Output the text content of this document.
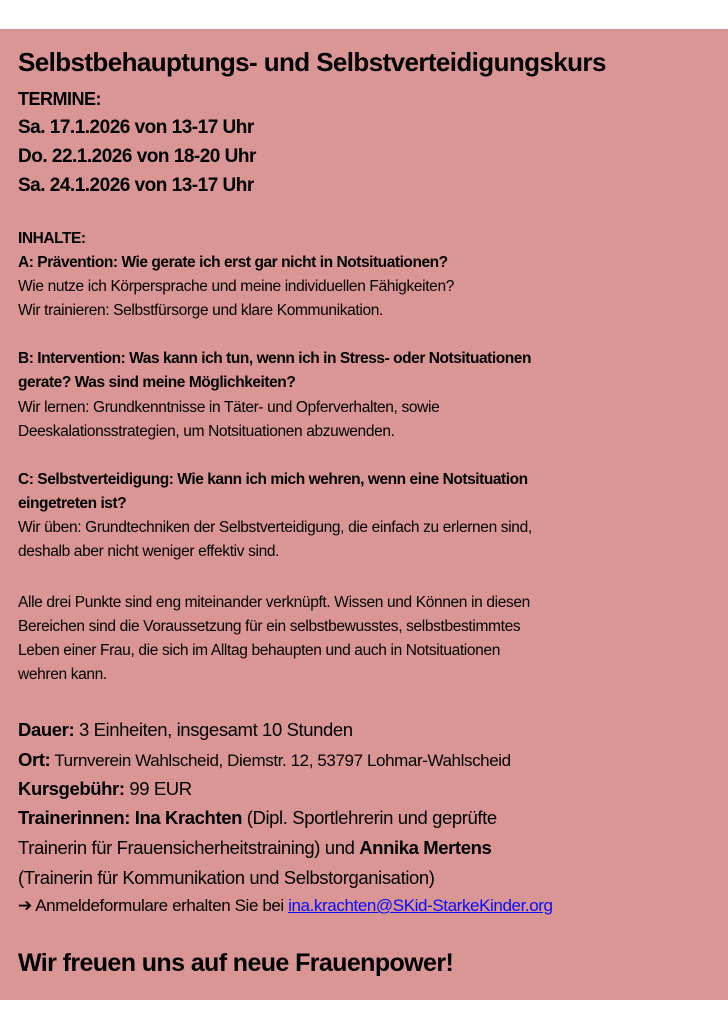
Selbstbehauptungs- und Selbstverteidigungskurs
TERMINE:
Sa. 17.1.2026 von 13-17 Uhr
Do. 22.1.2026 von 18-20 Uhr
Sa. 24.1.2026 von 13-17 Uhr
INHALTE:
A: Prävention: Wie gerate ich erst gar nicht in Notsituationen?
Wie nutze ich Körpersprache und meine individuellen Fähigkeiten?
Wir trainieren: Selbstfürsorge und klare Kommunikation.
B: Intervention: Was kann ich tun, wenn ich in Stress- oder Notsituationen
gerate? Was sind meine Möglichkeiten?
Wir lernen: Grundkenntnisse in Täter- und Opferverhalten, sowie
Deeskalationsstrategien, um Notsituationen abzuwenden.
C: Selbstverteidigung: Wie kann ich mich wehren, wenn eine Notsituation
eingetreten ist?
Wir üben: Grundtechniken der Selbstverteidigung, die einfach zu erlernen sind,
deshalb aber nicht weniger effektiv sind.
Alle drei Punkte sind eng miteinander verknüpft. Wissen und Können in diesen
Bereichen sind die Voraussetzung für ein selbstbewusstes, selbstbestimmtes
Leben einer Frau, die sich im Alltag behaupten und auch in Notsituationen
wehren kann.
Dauer: 3 Einheiten, insgesamt 10 Stunden
Ort: Turnverein Wahlscheid, Diemstr. 12, 53797 Lohmar-Wahlscheid
Kursgebühr: 99 EUR
Trainerinnen: Ina Krachten (Dipl. Sportlehrerin und geprüfte
Trainerin für Frauensicherheitstraining) und Annika Mertens
(Trainerin für Kommunikation und Selbstorganisation)
➔ Anmeldeformulare erhalten Sie bei ina.krachten@SKid-StarkeKinder.org
Wir freuen uns auf neue Frauenpower!
